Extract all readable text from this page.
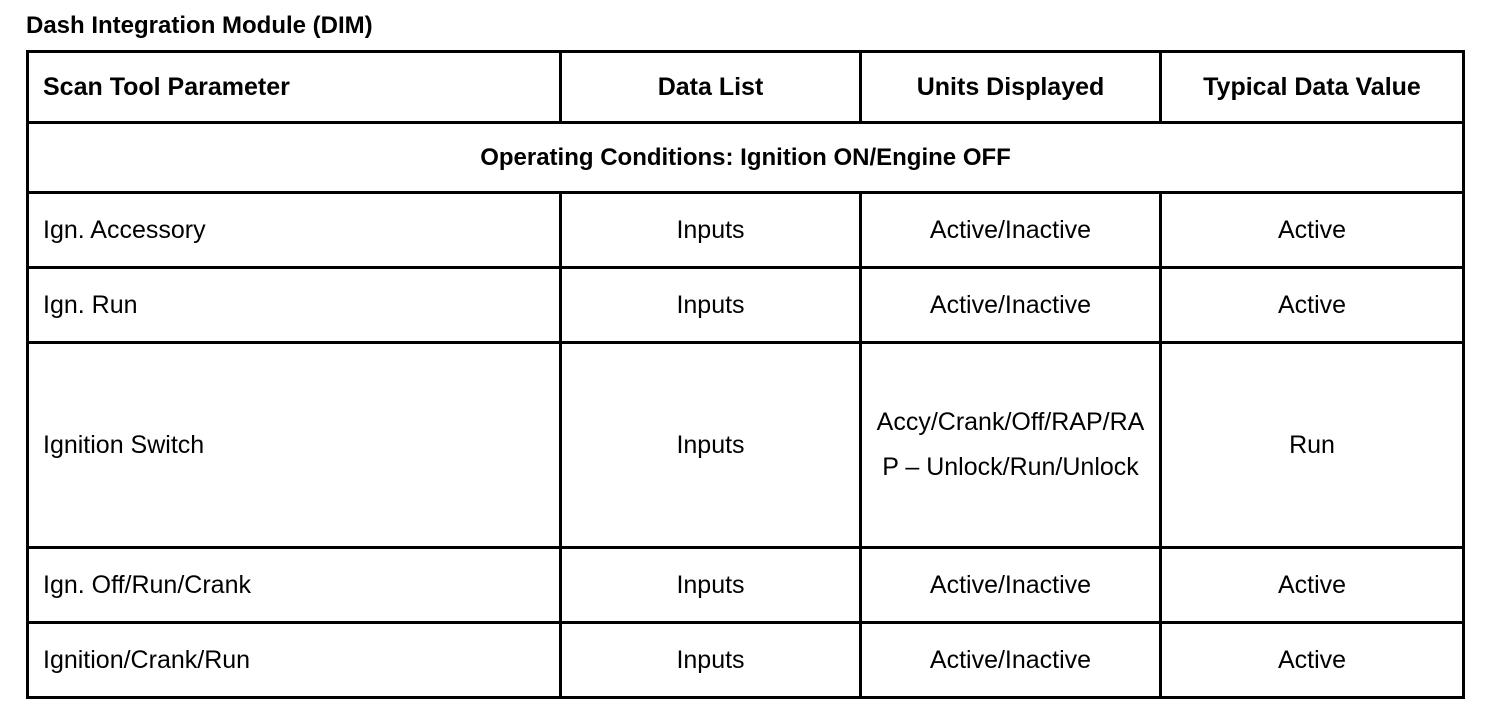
Dash Integration Module (DIM)
Scan Tool Parameter	Data List	Units Displayed	Typical Data Value
Operating Conditions: Ignition ON/Engine OFF			
Ign. Accessory	Inputs	Active/Inactive	Active
Ign. Run	Inputs	Active/Inactive	Active
Ignition Switch	Inputs	Accy/Crank/Off/RAP/RAP – Unlock/Run/Unlock	Run
Ign. Off/Run/Crank	Inputs	Active/Inactive	Active
Ignition/Crank/Run	Inputs	Active/Inactive	Active
